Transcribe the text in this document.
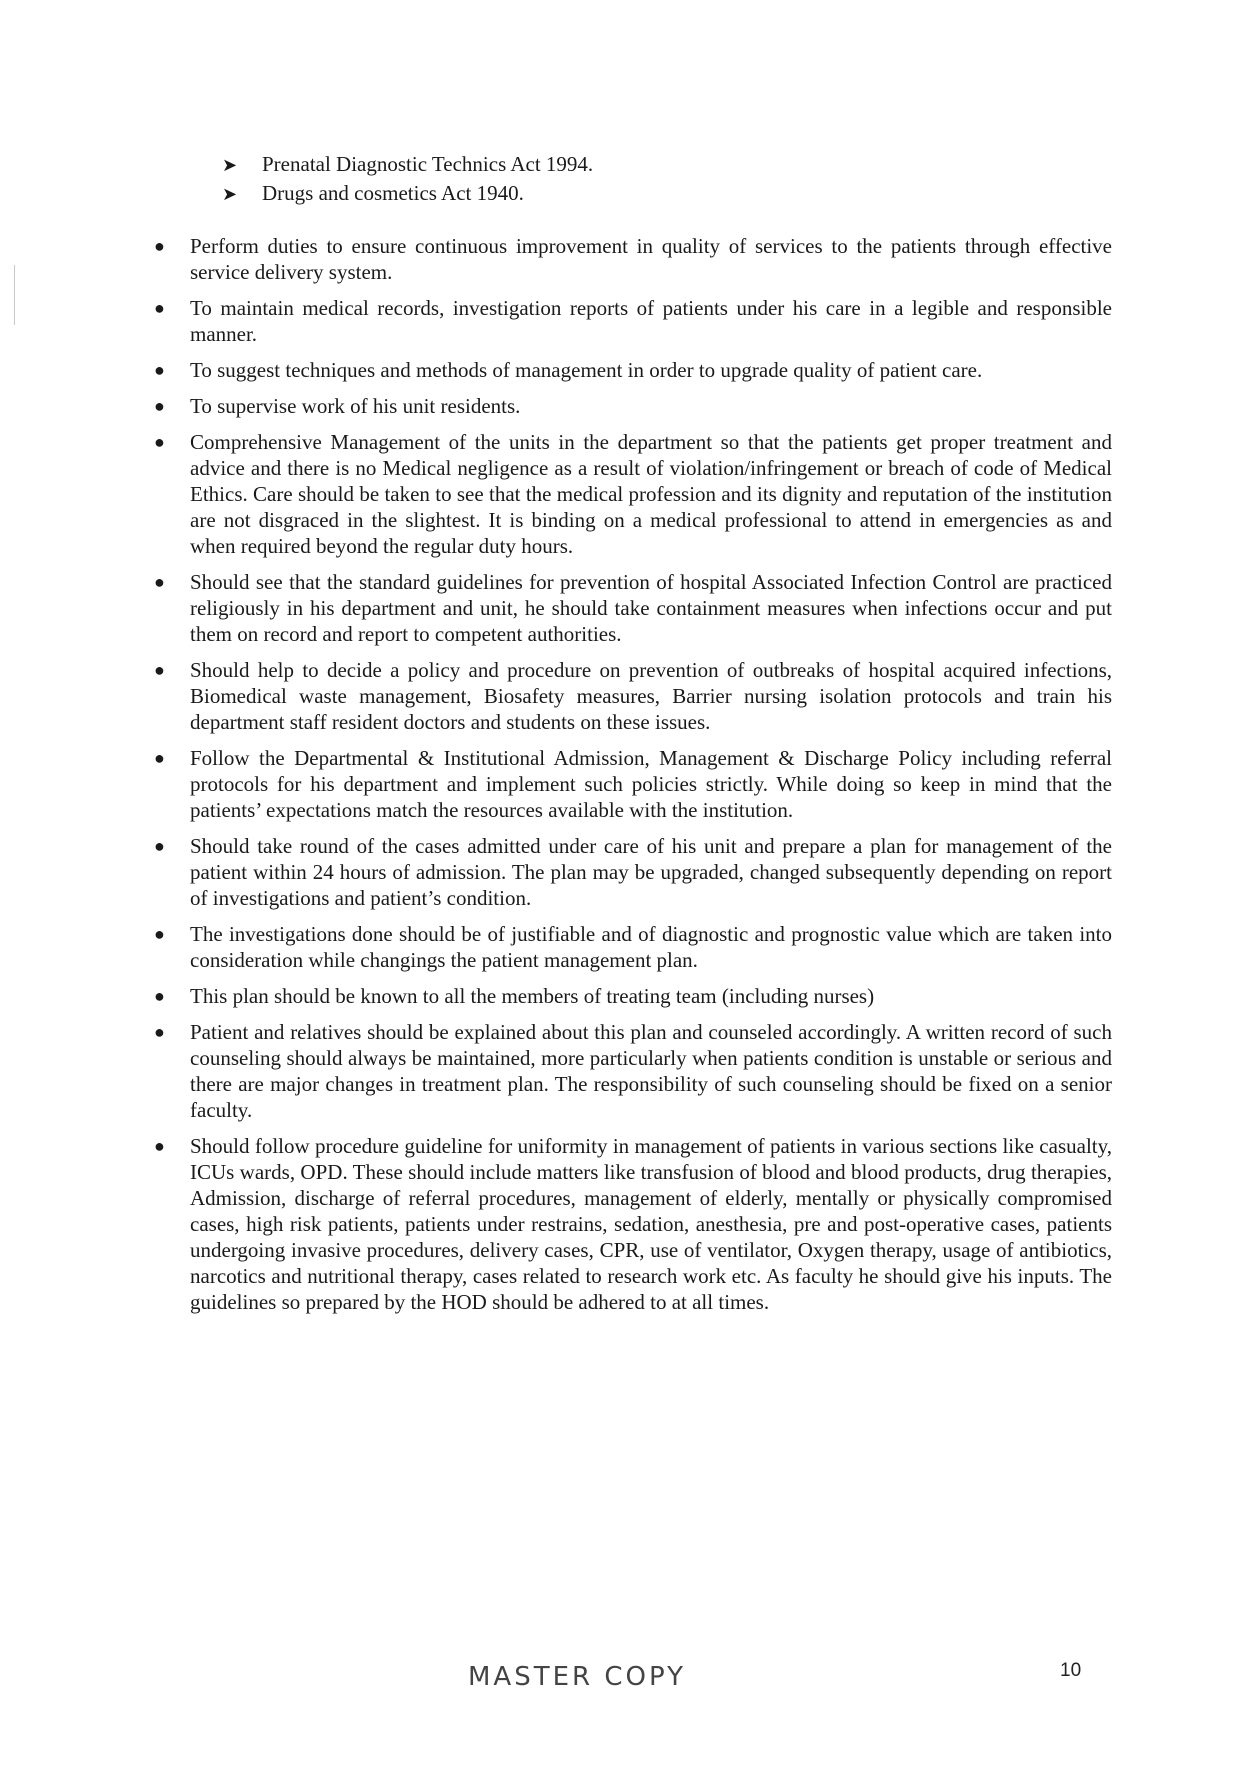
➤	Prenatal Diagnostic Technics Act 1994.
➤	Drugs and cosmetics Act 1940.
●	Perform duties to ensure continuous improvement in quality of services to the patients through effective service delivery system.
●	To maintain medical records, investigation reports of patients under his care in a legible and responsible manner.
●	To suggest techniques and methods of management in order to upgrade quality of patient care.
●	To supervise work of his unit residents.
●	Comprehensive Management of the units in the department so that the patients get proper treatment and advice and there is no Medical negligence as a result of violation/infringement or breach of code of Medical Ethics. Care should be taken to see that the medical profession and its dignity and reputation of the institution are not disgraced in the slightest. It is binding on a medical professional to attend in emergencies as and when required beyond the regular duty hours.
●	Should see that the standard guidelines for prevention of hospital Associated Infection Control are practiced religiously in his department and unit, he should take containment measures when infections occur and put them on record and report to competent authorities.
●	Should help to decide a policy and procedure on prevention of outbreaks of hospital acquired infections, Biomedical waste management, Biosafety measures, Barrier nursing isolation protocols and train his department staff resident doctors and students on these issues.
●	Follow the Departmental & Institutional Admission, Management & Discharge Policy including referral protocols for his department and implement such policies strictly. While doing so keep in mind that the patients’ expectations match the resources available with the institution.
●	Should take round of the cases admitted under care of his unit and prepare a plan for management of the patient within 24 hours of admission. The plan may be upgraded, changed subsequently depending on report of investigations and patient’s condition.
●	The investigations done should be of justifiable and of diagnostic and prognostic value which are taken into consideration while changings the patient management plan.
●	This plan should be known to all the members of treating team (including nurses)
●	Patient and relatives should be explained about this plan and counseled accordingly. A written record of such counseling should always be maintained, more particularly when patients condition is unstable or serious and there are major changes in treatment plan. The responsibility of such counseling should be fixed on a senior faculty.
●	Should follow procedure guideline for uniformity in management of patients in various sections like casualty, ICUs wards, OPD. These should include matters like transfusion of blood and blood products, drug therapies, Admission, discharge of referral procedures, management of elderly, mentally or physically compromised cases, high risk patients, patients under restrains, sedation, anesthesia, pre and post-operative cases, patients undergoing invasive procedures, delivery cases, CPR, use of ventilator, Oxygen therapy, usage of antibiotics, narcotics and nutritional therapy, cases related to research work etc. As faculty he should give his inputs. The guidelines so prepared by the HOD should be adhered to at all times.
MASTER COPY	10
